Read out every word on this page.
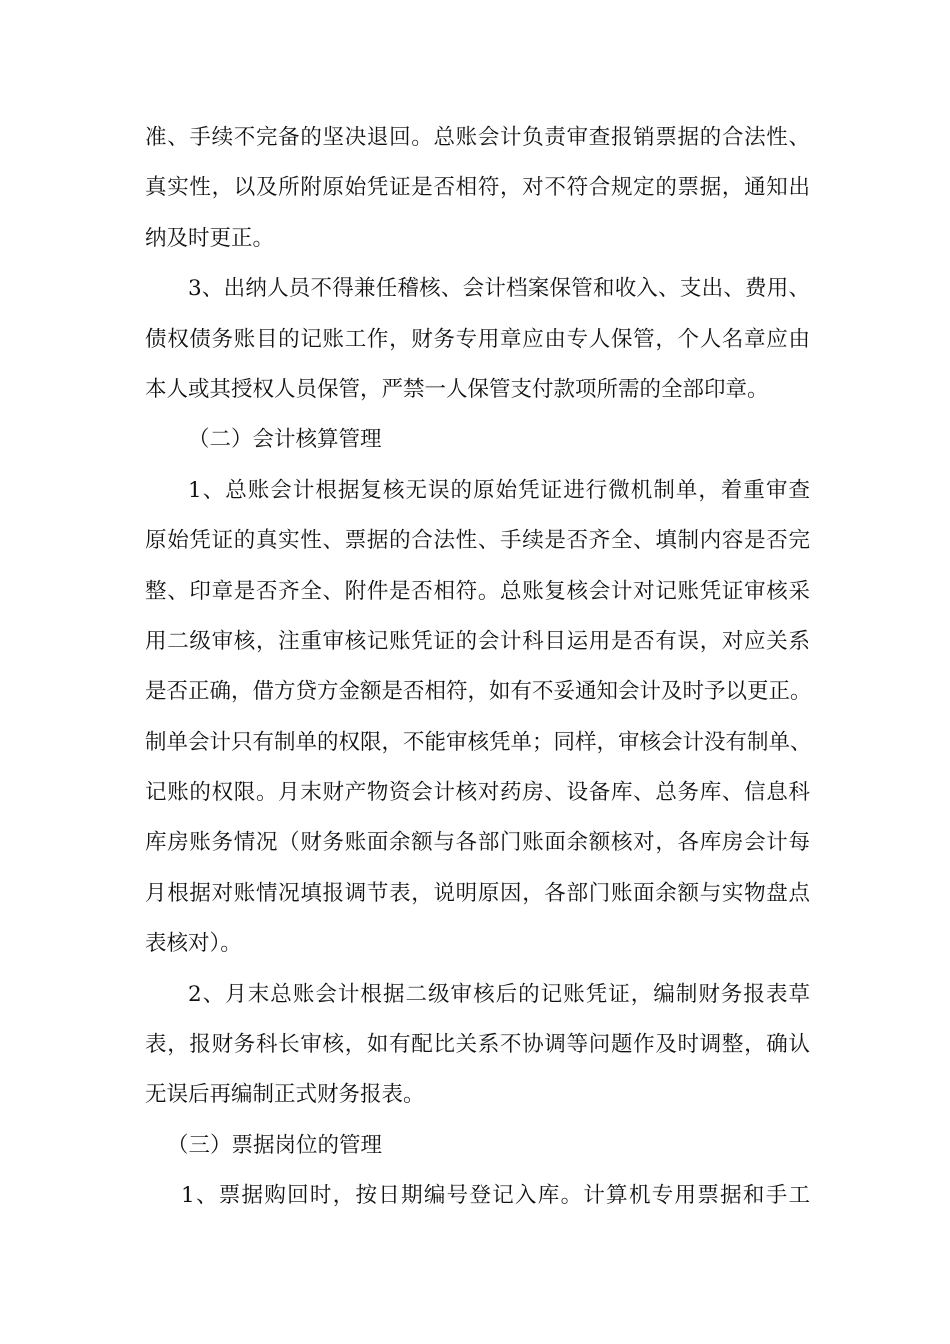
准、手续不完备的坚决退回。总账会计负责审查报销票据的合法性、
真实性，以及所附原始凭证是否相符，对不符合规定的票据，通知出
纳及时更正。
3、出纳人员不得兼任稽核、会计档案保管和收入、支出、费用、
债权债务账目的记账工作，财务专用章应由专人保管，个人名章应由
本人或其授权人员保管，严禁一人保管支付款项所需的全部印章。
（二）会计核算管理
1、总账会计根据复核无误的原始凭证进行微机制单，着重审查
原始凭证的真实性、票据的合法性、手续是否齐全、填制内容是否完
整、印章是否齐全、附件是否相符。总账复核会计对记账凭证审核采
用二级审核，注重审核记账凭证的会计科目运用是否有误，对应关系
是否正确，借方贷方金额是否相符，如有不妥通知会计及时予以更正。
制单会计只有制单的权限，不能审核凭单；同样，审核会计没有制单、
记账的权限。月末财产物资会计核对药房、设备库、总务库、信息科
库房账务情况（财务账面余额与各部门账面余额核对，各库房会计每
月根据对账情况填报调节表，说明原因，各部门账面余额与实物盘点
表核对）。
2、月末总账会计根据二级审核后的记账凭证，编制财务报表草
表，报财务科长审核，如有配比关系不协调等问题作及时调整，确认
无误后再编制正式财务报表。
（三）票据岗位的管理
1、票据购回时，按日期编号登记入库。计算机专用票据和手工
